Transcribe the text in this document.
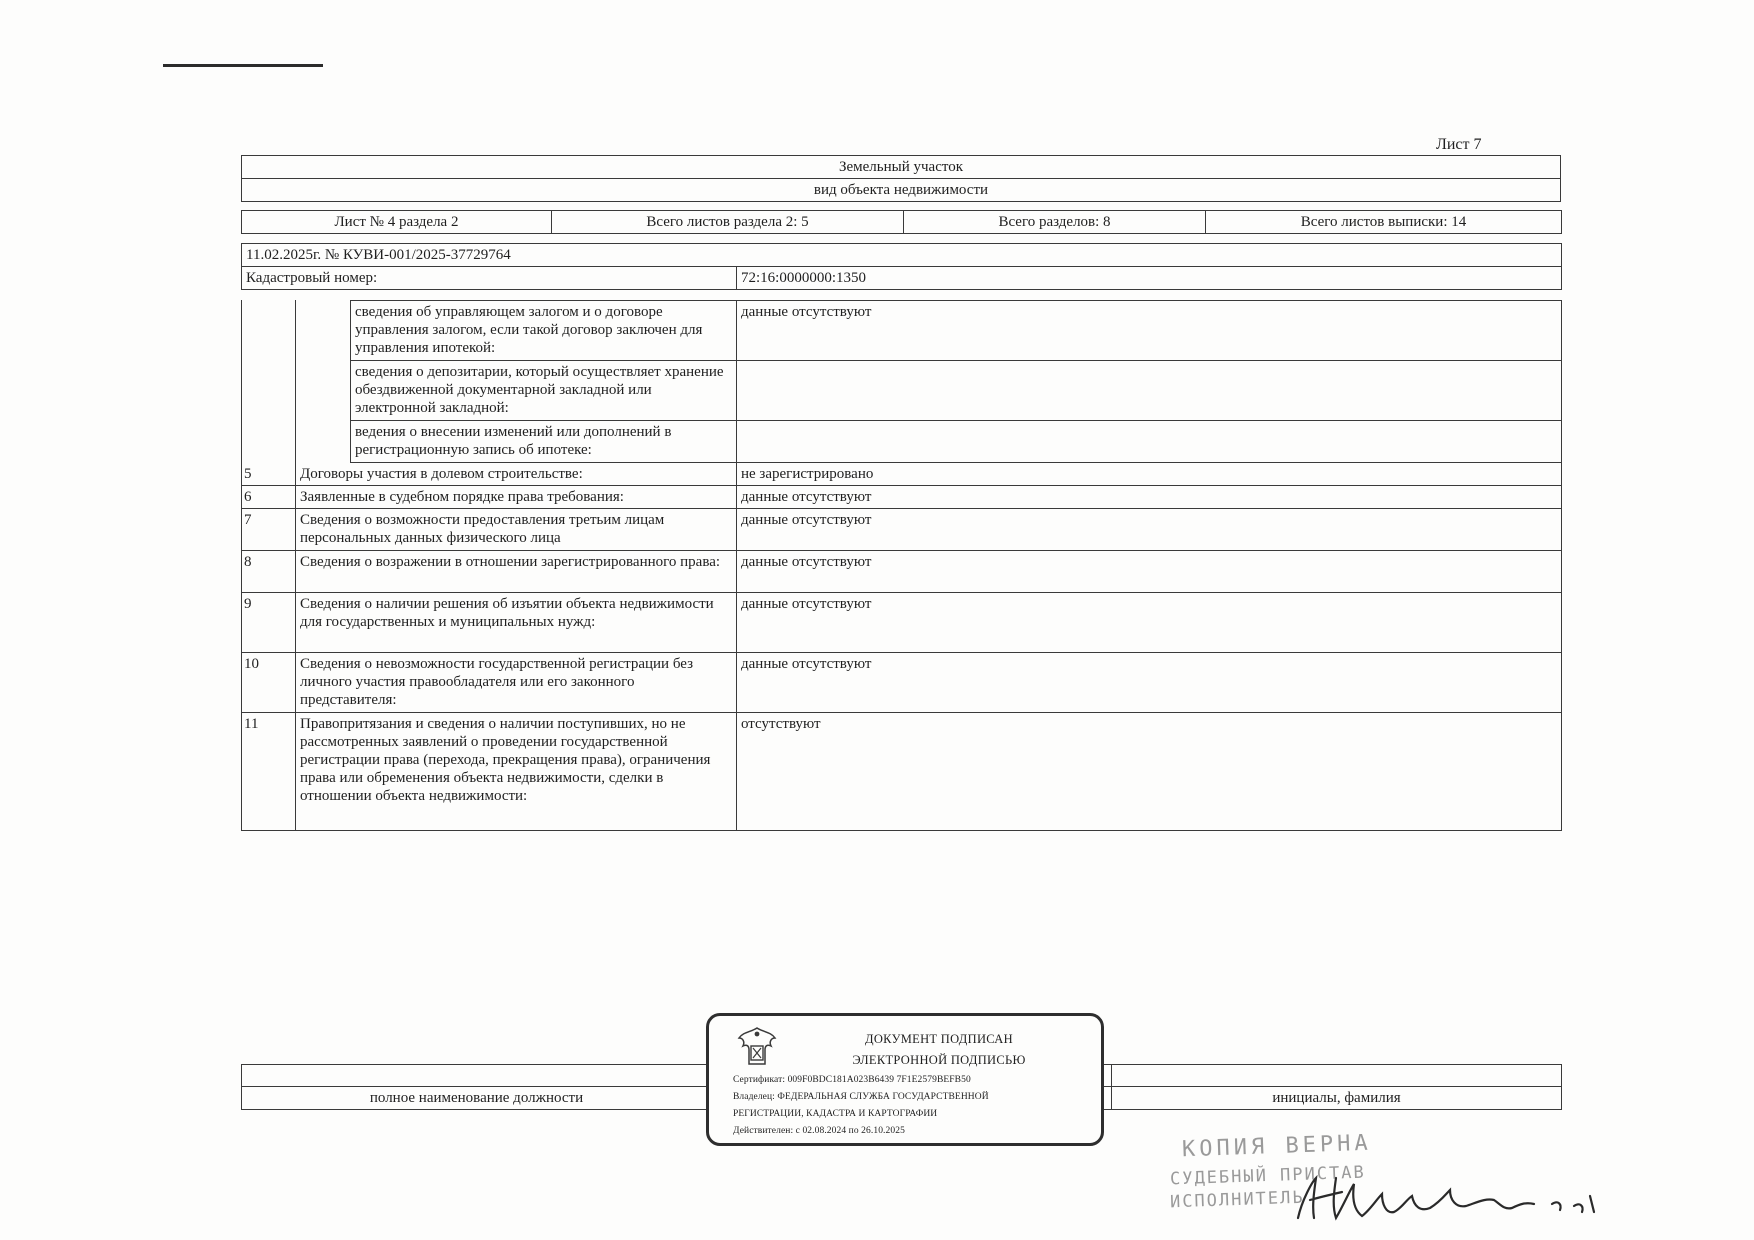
Лист 7
Земельный участок
вид объекта недвижимости
Лист № 4 раздела 2	Всего листов раздела 2: 5	Всего разделов: 8	Всего листов выписки: 14
11.02.2025г. № КУВИ-001/2025-37729764
Кадастровый номер:	72:16:0000000:1350
		сведения об управляющем залогом и о договоре управления залогом, если такой договор заключен для управления ипотекой:	данные отсутствуют
		сведения о депозитарии, который осуществляет хранение обездвиженной документарной закладной или электронной закладной:	
		ведения о внесении изменений или дополнений в регистрационную запись об ипотеке:	
5	Договоры участия в долевом строительстве:		не зарегистрировано
6	Заявленные в судебном порядке права требования:		данные отсутствуют
7	Сведения о возможности предоставления третьим лицам персональных данных физического лица		данные отсутствуют
8	Сведения о возражении в отношении зарегистрированного права:		данные отсутствуют
9	Сведения о наличии решения об изъятии объекта недвижимости для государственных и муниципальных нужд:		данные отсутствуют
10	Сведения о невозможности государственной регистрации без личного участия правообладателя или его законного представителя:		данные отсутствуют
11	Правопритязания и сведения о наличии поступивших, но не рассмотренных заявлений о проведении государственной регистрации права (перехода, прекращения права), ограничения права или обременения объекта недвижимости, сделки в отношении объекта недвижимости:		отсутствуют

полное наименование должности		инициалы, фамилия
ДОКУМЕНТ ПОДПИСАН
ЭЛЕКТРОННОЙ ПОДПИСЬЮ
Сертификат: 009F0BDC181A023B6439 7F1E2579BEFB50
Владелец: ФЕДЕРАЛЬНАЯ СЛУЖБА ГОСУДАРСТВЕННОЙ
РЕГИСТРАЦИИ, КАДАСТРА И КАРТОГРАФИИ
Действителен: с 02.08.2024 по 26.10.2025	КОПИЯ ВЕРНА
СУДЕБНЫЙ ПРИСТАВ
ИСПОЛНИТЕЛЬ
